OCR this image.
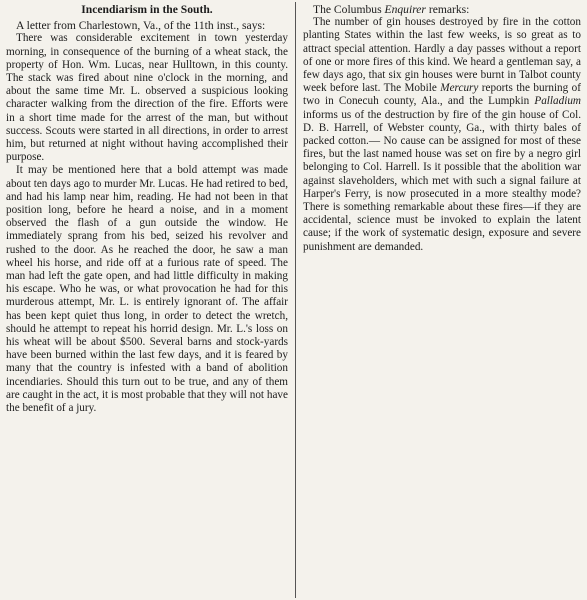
Incendiarism in the South.

A letter from Charlestown, Va., of the 11th inst., says:

There was considerable excitement in town yesterday morning, in consequence of the burning of a wheat stack, the property of Hon. Wm. Lucas, near Hulltown, in this county. The stack was fired about nine o'clock in the morning, and about the same time Mr. L. observed a suspicious looking character walking from the direction of the fire. Efforts were in a short time made for the arrest of the man, but without success. Scouts were started in all directions, in order to arrest him, but returned at night without having accomplished their purpose.

It may be mentioned here that a bold attempt was made about ten days ago to murder Mr. Lucas. He had retired to bed, and had his lamp near him, reading. He had not been in that position long, before he heard a noise, and in a moment observed the flash of a gun outside the window. He immediately sprang from his bed, seized his revolver and rushed to the door. As he reached the door, he saw a man wheel his horse, and ride off at a furious rate of speed. The man had left the gate open, and had little difficulty in making his escape. Who he was, or what provocation he had for this murderous attempt, Mr. L. is entirely ignorant of. The affair has been kept quiet thus long, in order to detect the wretch, should he attempt to repeat his horrid design. Mr. L.'s loss on his wheat will be about $500. Several barns and stock-yards have been burned within the last few days, and it is feared by many that the country is infested with a band of abolition incendiaries. Should this turn out to be true, and any of them are caught in the act, it is most probable that they will not have the benefit of a jury.

The Columbus Enquirer remarks:

The number of gin houses destroyed by fire in the cotton planting States within the last few weeks, is so great as to attract special attention. Hardly a day passes without a report of one or more fires of this kind. We heard a gentleman say, a few days ago, that six gin houses were burnt in Talbot county week before last. The Mobile Mercury reports the burning of two in Conecuh county, Ala., and the Lumpkin Palladium informs us of the destruction by fire of the gin house of Col. D. B. Harrell, of Webster county, Ga., with thirty bales of packed cotton.— No cause can be assigned for most of these fires, but the last named house was set on fire by a negro girl belonging to Col. Harrell. Is it possible that the abolition war against slaveholders, which met with such a signal failure at Harper's Ferry, is now prosecuted in a more stealthy mode? There is something remarkable about these fires—if they are accidental, science must be invoked to explain the latent cause; if the work of systematic design, exposure and severe punishment are demanded.
